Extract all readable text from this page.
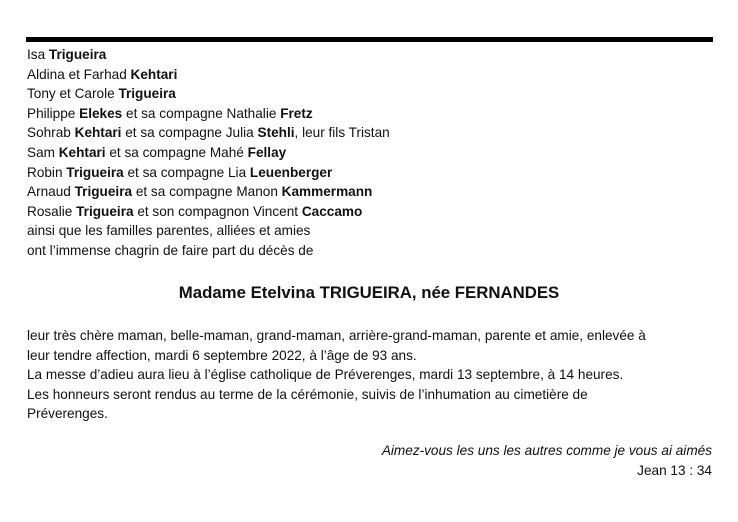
Isa Trigueira
Aldina et Farhad Kehtari
Tony et Carole Trigueira
Philippe Elekes et sa compagne Nathalie Fretz
Sohrab Kehtari et sa compagne Julia Stehli, leur fils Tristan
Sam Kehtari et sa compagne Mahé Fellay
Robin Trigueira et sa compagne Lia Leuenberger
Arnaud Trigueira et sa compagne Manon Kammermann
Rosalie Trigueira et son compagnon Vincent Caccamo
ainsi que les familles parentes, alliées et amies
ont l’immense chagrin de faire part du décès de
Madame Etelvina TRIGUEIRA, née FERNANDES

leur très chère maman, belle-maman, grand-maman, arrière-grand-maman, parente et amie, enlevée à

leur tendre affection, mardi 6 septembre 2022, à l’âge de 93 ans.

La messe d’adieu aura lieu à l’église catholique de Préverenges, mardi 13 septembre, à 14 heures.

Les honneurs seront rendus au terme de la cérémonie, suivis de l’inhumation au cimetière de

Préverenges.

Aimez-vous les uns les autres comme je vous ai aimés
Jean 13 : 34
